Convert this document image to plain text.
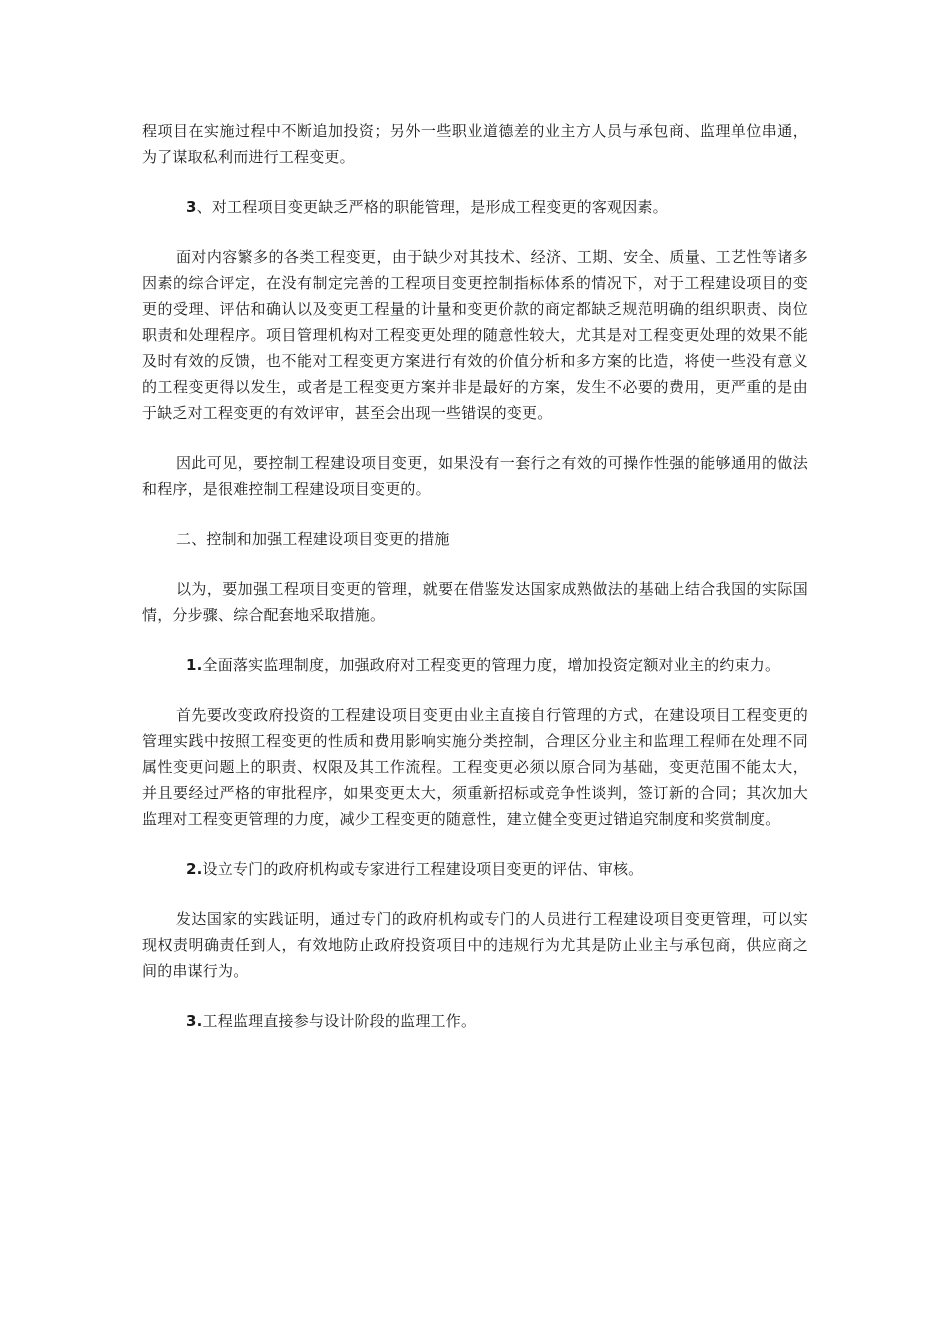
程项目在实施过程中不断追加投资；另外一些职业道德差的业主方人员与承包商、监理单位串通，为了谋取私利而进行工程变更。

3、对工程项目变更缺乏严格的职能管理，是形成工程变更的客观因素。

面对内容繁多的各类工程变更，由于缺少对其技术、经济、工期、安全、质量、工艺性等诸多因素的综合评定，在没有制定完善的工程项目变更控制指标体系的情况下，对于工程建设项目的变更的受理、评估和确认以及变更工程量的计量和变更价款的商定都缺乏规范明确的组织职责、岗位职责和处理程序。项目管理机构对工程变更处理的随意性较大，尤其是对工程变更处理的效果不能及时有效的反馈，也不能对工程变更方案进行有效的价值分析和多方案的比造，将使一些没有意义的工程变更得以发生，或者是工程变更方案并非是最好的方案，发生不必要的费用，更严重的是由于缺乏对工程变更的有效评审，甚至会出现一些错误的变更。

因此可见，要控制工程建设项目变更，如果没有一套行之有效的可操作性强的能够通用的做法和程序，是很难控制工程建设项目变更的。

二、控制和加强工程建设项目变更的措施

以为，要加强工程项目变更的管理，就要在借鉴发达国家成熟做法的基础上结合我国的实际国情，分步骤、综合配套地采取措施。

1.全面落实监理制度，加强政府对工程变更的管理力度，增加投资定额对业主的约束力。

首先要改变政府投资的工程建设项目变更由业主直接自行管理的方式，在建设项目工程变更的管理实践中按照工程变更的性质和费用影响实施分类控制，合理区分业主和监理工程师在处理不同属性变更问题上的职责、权限及其工作流程。工程变更必须以原合同为基础，变更范围不能太大，并且要经过严格的审批程序，如果变更太大，须重新招标或竞争性谈判，签订新的合同；其次加大监理对工程变更管理的力度，减少工程变更的随意性，建立健全变更过错追究制度和奖赏制度。

2.设立专门的政府机构或专家进行工程建设项目变更的评估、审核。

发达国家的实践证明，通过专门的政府机构或专门的人员进行工程建设项目变更管理，可以实现权责明确责任到人，有效地防止政府投资项目中的违规行为尤其是防止业主与承包商，供应商之间的串谋行为。

3.工程监理直接参与设计阶段的监理工作。
